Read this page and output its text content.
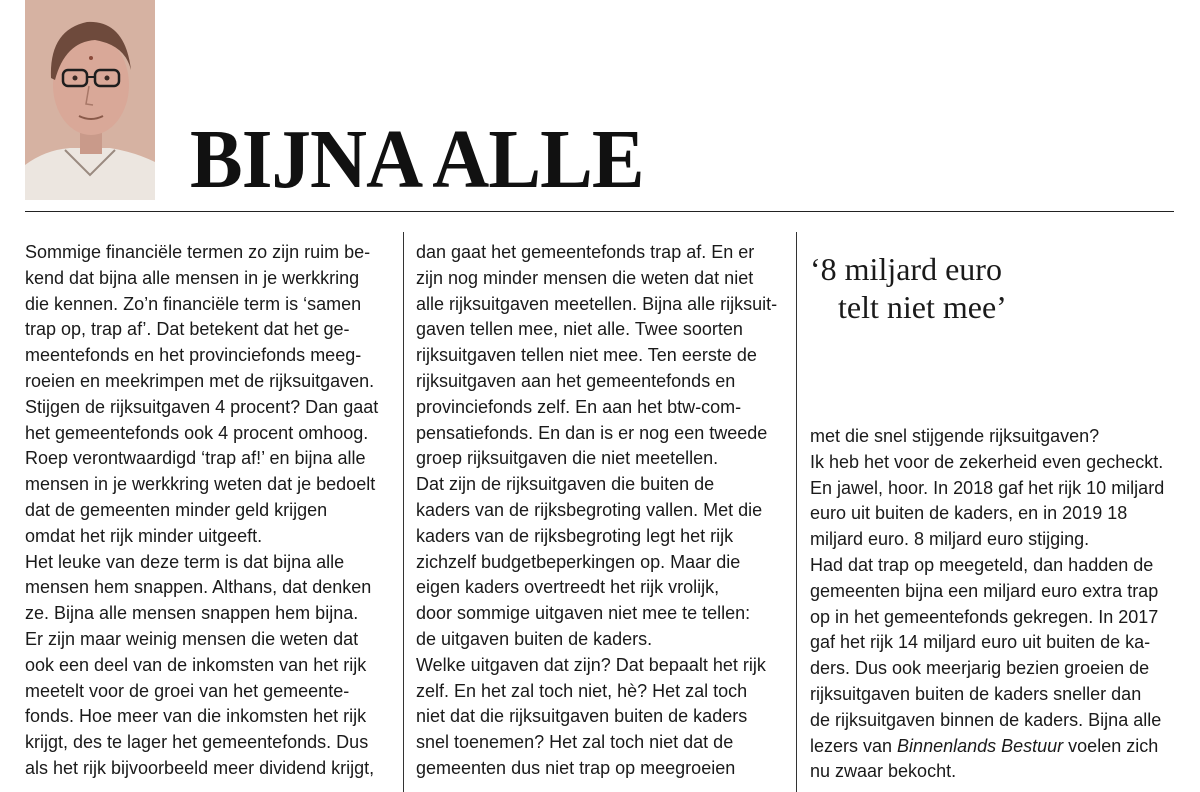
BIJNA ALLE

Sommige financiële termen zo zijn ruim be-

kend dat bijna alle mensen in je werkkring

die kennen. Zo’n financiële term is ‘samen

trap op, trap af’. Dat betekent dat het ge-

meentefonds en het provinciefonds meeg-

roeien en meekrimpen met de rijksuitgaven.

Stijgen de rijksuitgaven 4 procent? Dan gaat

het gemeentefonds ook 4 procent omhoog.

Roep verontwaardigd ‘trap af!’ en bijna alle

mensen in je werkkring weten dat je bedoelt

dat de gemeenten minder geld krijgen

omdat het rijk minder uitgeeft.

Het leuke van deze term is dat bijna alle

mensen hem snappen. Althans, dat denken

ze. Bijna alle mensen snappen hem bijna.

Er zijn maar weinig mensen die weten dat

ook een deel van de inkomsten van het rijk

meetelt voor de groei van het gemeente-

fonds. Hoe meer van die inkomsten het rijk

krijgt, des te lager het gemeentefonds. Dus

als het rijk bijvoorbeeld meer dividend krijgt,

dan gaat het gemeentefonds trap af. En er

zijn nog minder mensen die weten dat niet

alle rijksuitgaven meetellen. Bijna alle rijksuit-

gaven tellen mee, niet alle. Twee soorten

rijksuitgaven tellen niet mee. Ten eerste de

rijksuitgaven aan het gemeentefonds en

provinciefonds zelf. En aan het btw-com-

pensatiefonds. En dan is er nog een tweede

groep rijksuitgaven die niet meetellen.

Dat zijn de rijksuitgaven die buiten de

kaders van de rijksbegroting vallen. Met die

kaders van de rijksbegroting legt het rijk

zichzelf budgetbeperkingen op. Maar die

eigen kaders overtreedt het rijk vrolijk,

door sommige uitgaven niet mee te tellen:

de uitgaven buiten de kaders.

Welke uitgaven dat zijn? Dat bepaalt het rijk

zelf. En het zal toch niet, hè? Het zal toch

niet dat die rijksuitgaven buiten de kaders

snel toenemen? Het zal toch niet dat de

gemeenten dus niet trap op meegroeien

‘8 miljard euro
telt niet mee’

met die snel stijgende rijksuitgaven?

Ik heb het voor de zekerheid even gecheckt.

En jawel, hoor. In 2018 gaf het rijk 10 miljard

euro uit buiten de kaders, en in 2019 18

miljard euro. 8 miljard euro stijging.

Had dat trap op meegeteld, dan hadden de

gemeenten bijna een miljard euro extra trap

op in het gemeentefonds gekregen. In 2017

gaf het rijk 14 miljard euro uit buiten de ka-

ders. Dus ook meerjarig bezien groeien de

rijksuitgaven buiten de kaders sneller dan

de rijksuitgaven binnen de kaders. Bijna alle

lezers van Binnenlands Bestuur voelen zich

nu zwaar bekocht.
